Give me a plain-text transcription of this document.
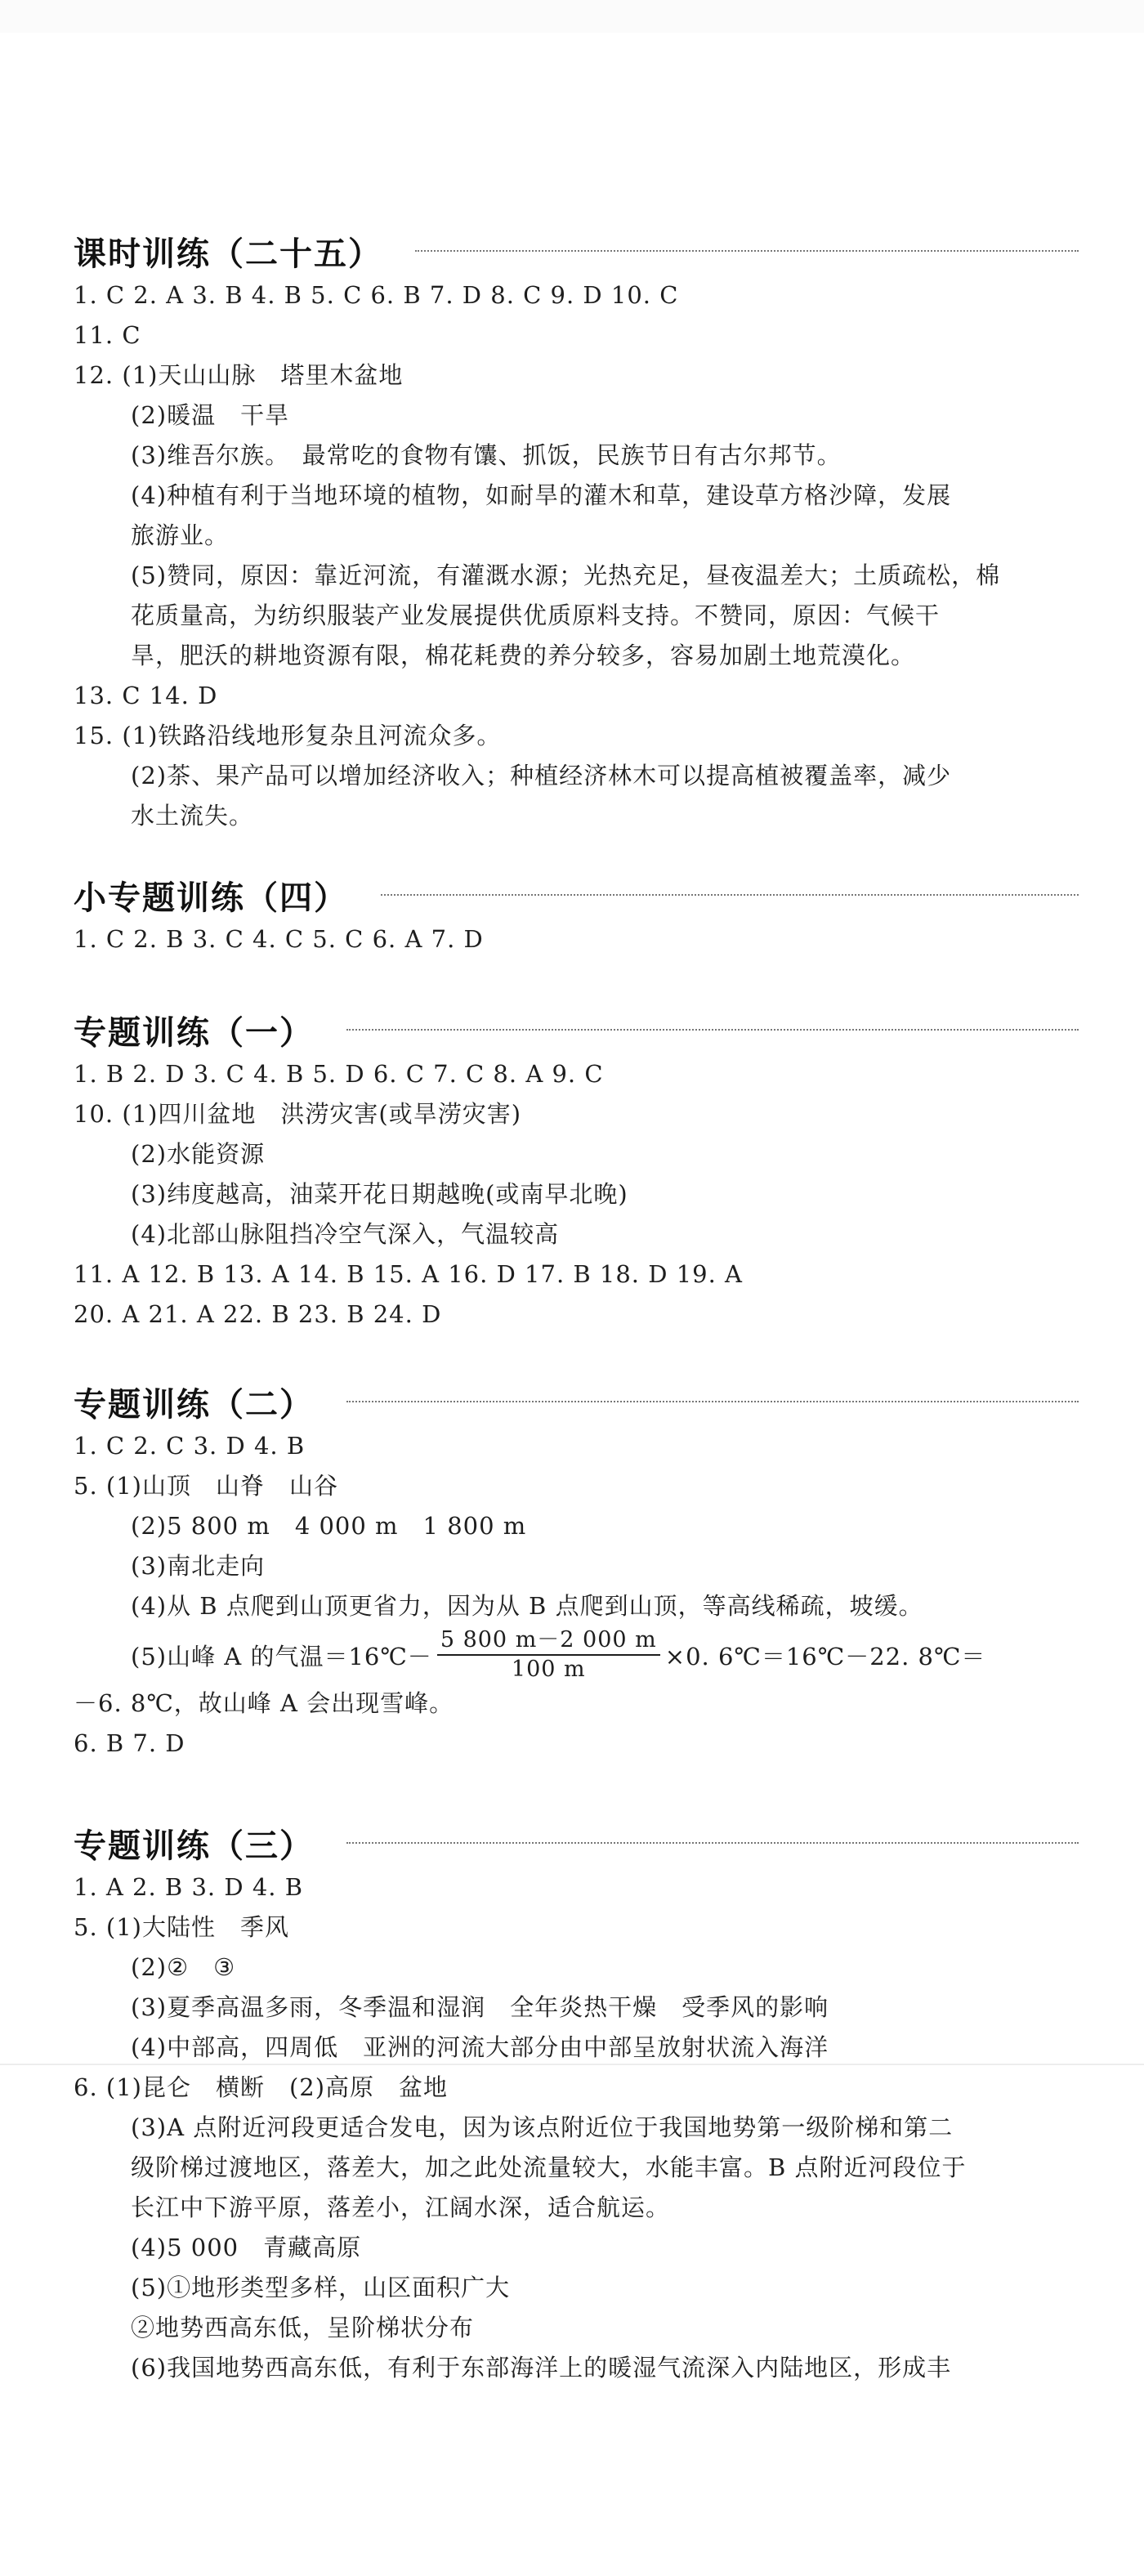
课时训练（二十五）

1. C 2. A 3. B 4. B 5. C 6. B 7. D 8. C 9. D 10. C

11. C

12. (1)天山山脉　塔里木盆地

(2)暖温　干旱

(3)维吾尔族。　最常吃的食物有馕、抓饭，民族节日有古尔邦节。

(4)种植有利于当地环境的植物，如耐旱的灌木和草，建设草方格沙障，发展

旅游业。

(5)赞同，原因：靠近河流，有灌溉水源；光热充足，昼夜温差大；土质疏松，棉

花质量高，为纺织服装产业发展提供优质原料支持。不赞同，原因：气候干

旱，肥沃的耕地资源有限，棉花耗费的养分较多，容易加剧土地荒漠化。

13. C 14. D

15. (1)铁路沿线地形复杂且河流众多。

(2)茶、果产品可以增加经济收入；种植经济林木可以提高植被覆盖率，减少

水土流失。

小专题训练（四）

1. C 2. B 3. C 4. C 5. C 6. A 7. D

专题训练（一）

1. B 2. D 3. C 4. B 5. D 6. C 7. C 8. A 9. C

10. (1)四川盆地　洪涝灾害(或旱涝灾害)

(2)水能资源

(3)纬度越高，油菜开花日期越晚(或南早北晚)

(4)北部山脉阻挡冷空气深入，气温较高

11. A 12. B 13. A 14. B 15. A 16. D 17. B 18. D 19. A

20. A 21. A 22. B 23. B 24. D

专题训练（二）

1. C 2. C 3. D 4. B

5. (1)山顶　山脊　山谷

(2)5 800 m　4 000 m　1 800 m

(3)南北走向

(4)从 B 点爬到山顶更省力，因为从 B 点爬到山顶，等高线稀疏，坡缓。

(5)山峰 A 的气温＝16℃－ $\frac{5 800 m-2 000 m}{100 m} \times 0$. 6℃＝16℃－22. 8℃＝

－6. 8℃，故山峰 A 会出现雪峰。

6. B 7. D

专题训练（三）

1. A 2. B 3. D 4. B

5. (1)大陆性　季风

(2)②　③

(3)夏季高温多雨，冬季温和湿润　全年炎热干燥　受季风的影响

(4)中部高，四周低　亚洲的河流大部分由中部呈放射状流入海洋

6. (1)昆仑　横断　(2)高原　盆地

(3)A 点附近河段更适合发电，因为该点附近位于我国地势第一级阶梯和第二

级阶梯过渡地区，落差大，加之此处流量较大，水能丰富。B 点附近河段位于

长江中下游平原，落差小，江阔水深，适合航运。

(4)5 000　青藏高原

(5)①地形类型多样，山区面积广大

②地势西高东低，呈阶梯状分布

(6)我国地势西高东低，有利于东部海洋上的暖湿气流深入内陆地区，形成丰
